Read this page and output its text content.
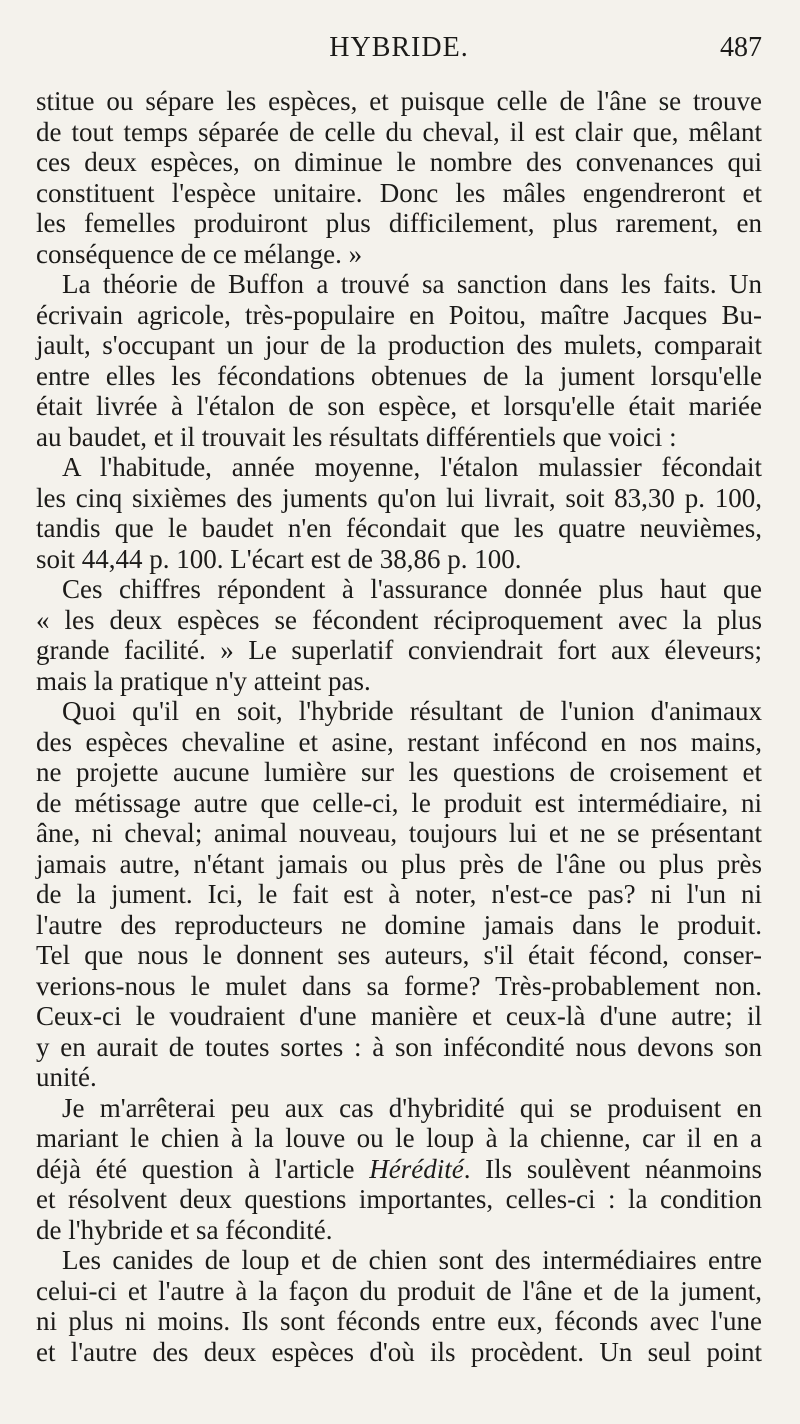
HYBRIDE.	487
stitue ou sépare les espèces, et puisque celle de l'âne se trouve
de tout temps séparée de celle du cheval, il est clair que, mêlant
ces deux espèces, on diminue le nombre des convenances qui
constituent l'espèce unitaire. Donc les mâles engendreront et
les femelles produiront plus difficilement, plus rarement, en
conséquence de ce mélange. »
La théorie de Buffon a trouvé sa sanction dans les faits. Un
écrivain agricole, très-populaire en Poitou, maître Jacques Bu-
jault, s'occupant un jour de la production des mulets, comparait
entre elles les fécondations obtenues de la jument lorsqu'elle
était livrée à l'étalon de son espèce, et lorsqu'elle était mariée
au baudet, et il trouvait les résultats différentiels que voici :
A l'habitude, année moyenne, l'étalon mulassier fécondait
les cinq sixièmes des juments qu'on lui livrait, soit 83,30 p. 100,
tandis que le baudet n'en fécondait que les quatre neuvièmes,
soit 44,44 p. 100. L'écart est de 38,86 p. 100.
Ces chiffres répondent à l'assurance donnée plus haut que
« les deux espèces se fécondent réciproquement avec la plus
grande facilité. » Le superlatif conviendrait fort aux éleveurs;
mais la pratique n'y atteint pas.
Quoi qu'il en soit, l'hybride résultant de l'union d'animaux
des espèces chevaline et asine, restant infécond en nos mains,
ne projette aucune lumière sur les questions de croisement et
de métissage autre que celle-ci, le produit est intermédiaire, ni
âne, ni cheval; animal nouveau, toujours lui et ne se présentant
jamais autre, n'étant jamais ou plus près de l'âne ou plus près
de la jument. Ici, le fait est à noter, n'est-ce pas? ni l'un ni
l'autre des reproducteurs ne domine jamais dans le produit.
Tel que nous le donnent ses auteurs, s'il était fécond, conser-
verions-nous le mulet dans sa forme? Très-probablement non.
Ceux-ci le voudraient d'une manière et ceux-là d'une autre; il
y en aurait de toutes sortes : à son infécondité nous devons son
unité.
Je m'arrêterai peu aux cas d'hybridité qui se produisent en
mariant le chien à la louve ou le loup à la chienne, car il en a
déjà été question à l'article Hérédité. Ils soulèvent néanmoins
et résolvent deux questions importantes, celles-ci : la condition
de l'hybride et sa fécondité.
Les canides de loup et de chien sont des intermédiaires entre
celui-ci et l'autre à la façon du produit de l'âne et de la jument,
ni plus ni moins. Ils sont féconds entre eux, féconds avec l'une
et l'autre des deux espèces d'où ils procèdent. Un seul point
